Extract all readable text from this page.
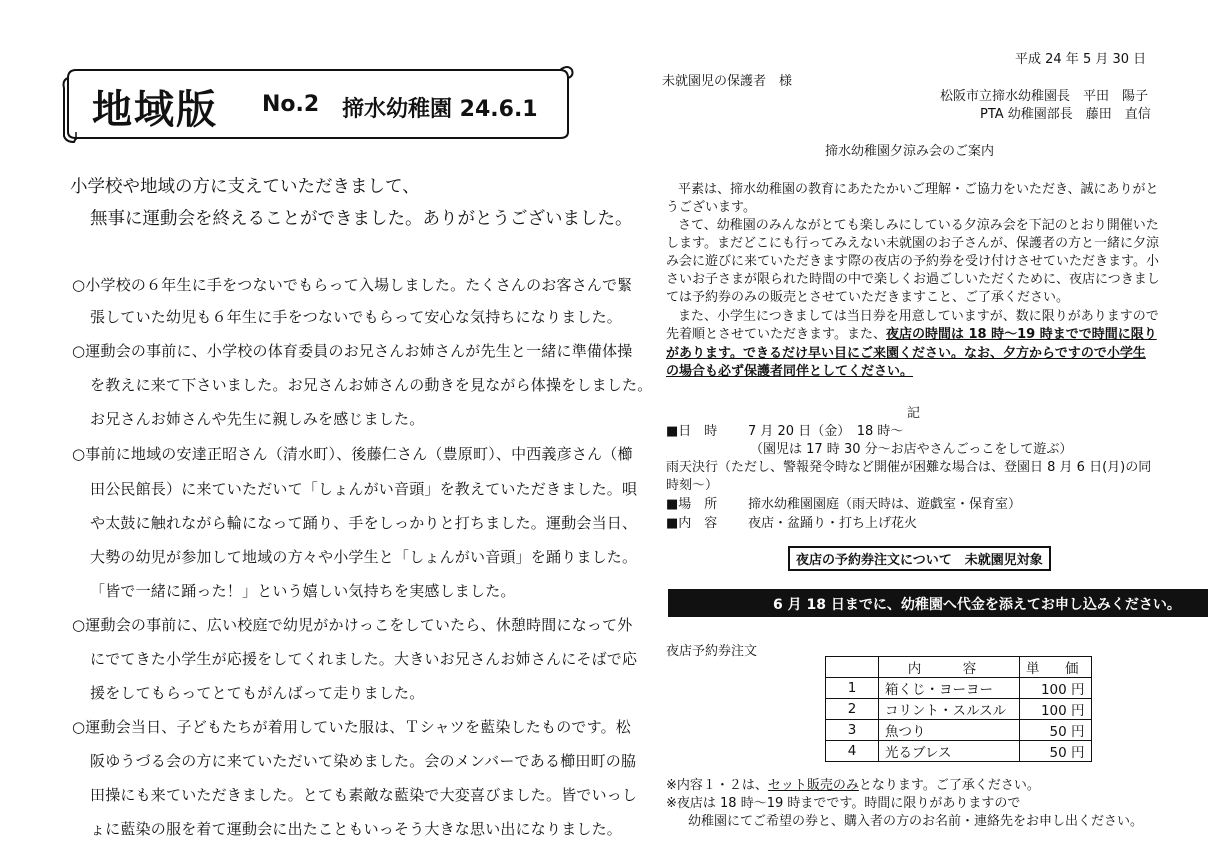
地域版 No.2 揥水幼稚園 24.6.1
小学校や地域の方に支えていただきまして、
無事に運動会を終えることができました。ありがとうございました。
○小学校の６年生に手をつないでもらって入場しました。たくさんのお客さんで緊
張していた幼児も６年生に手をつないでもらって安心な気持ちになりました。
○運動会の事前に、小学校の体育委員のお兄さんお姉さんが先生と一緒に準備体操
を教えに来て下さいました。お兄さんお姉さんの動きを見ながら体操をしました。
お兄さんお姉さんや先生に親しみを感じました。
○事前に地域の安達正昭さん（清水町）、後藤仁さん（豊原町）、中西義彦さん（櫛
田公民館長）に来ていただいて「しょんがい音頭」を教えていただきました。唄
や太鼓に触れながら輪になって踊り、手をしっかりと打ちました。運動会当日、
大勢の幼児が参加して地域の方々や小学生と「しょんがい音頭」を踊りました。
「皆で一緒に踊った！」という嬉しい気持ちを実感しました。
○運動会の事前に、広い校庭で幼児がかけっこをしていたら、休憩時間になって外
にでてきた小学生が応援をしてくれました。大きいお兄さんお姉さんにそばで応
援をしてもらってとてもがんばって走りました。
○運動会当日、子どもたちが着用していた服は、Ｔシャツを藍染したものです。松
阪ゆうづる会の方に来ていただいて染めました。会のメンバーである櫛田町の脇
田操にも来ていただきました。とても素敵な藍染で大変喜びました。皆でいっし
ょに藍染の服を着て運動会に出たこともいっそう大きな思い出になりました。
平成 24 年 5 月 30 日
未就園児の保護者　様
松阪市立揥水幼稚園長　平田　陽子
PTA 幼稚園部長　藤田　直信
揥水幼稚園夕涼み会のご案内
平素は、揥水幼稚園の教育にあたたかいご理解・ご協力をいただき、誠にありがと
うございます。
さて、幼稚園のみんながとても楽しみにしている夕涼み会を下記のとおり開催いた
します。まだどこにも行ってみえない未就園のお子さんが、保護者の方と一緒に夕涼
み会に遊びに来ていただきます際の夜店の予約券を受け付けさせていただきます。小
さいお子さまが限られた時間の中で楽しくお過ごしいただくために、夜店につきまし
ては予約券のみの販売とさせていただきますこと、ご了承ください。
また、小学生につきましては当日券を用意していますが、数に限りがありますので
先着順とさせていただきます。また、夜店の時間は 18 時～19 時までで時間に限り
があります。できるだけ早い目にご来園ください。なお、夕方からですので小学生
の場合も必ず保護者同伴としてください。
記
■日　時 7 月 20 日（金）　18 時～
（園児は 17 時 30 分～お店やさんごっこをして遊ぶ）
雨天決行（ただし、警報発令時など開催が困難な場合は、登園日 8 月 6 日(月)の同
時刻～）
■場　所 揥水幼稚園園庭（雨天時は、遊戯室・保育室）
■内　容 夜店・盆踊り・打ち上げ花火
夜店の予約券注文について　未就園児対象
6 月 18 日までに、幼稚園へ代金を添えてお申し込みください。
夜店予約券注文
	内　容	単　価
1	箱くじ・ヨーヨー	100 円
2	コリント・スルスル	100 円
3	魚つり	50 円
4	光るブレス	50 円
※内容１・２は、セット販売のみとなります。ご了承ください。
※夜店は 18 時～19 時までです。時間に限りがありますので
幼稚園にてご希望の券と、購入者の方のお名前・連絡先をお申し出ください。
